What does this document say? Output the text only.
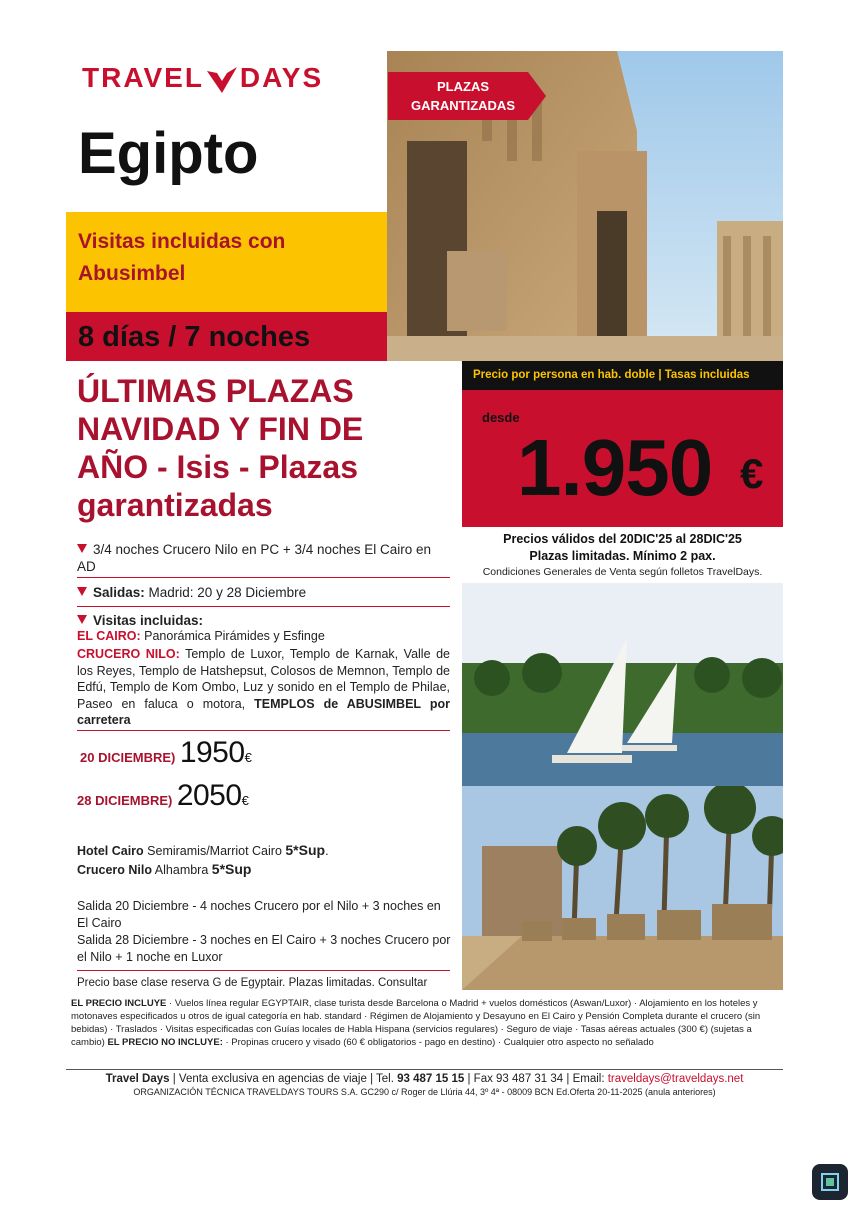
TRAVEL DAYS
Egipto
Visitas incluidas con
Abusimbel
8 días / 7 noches
ÚLTIMAS PLAZAS
NAVIDAD Y FIN DE
AÑO - Isis - Plazas
garantizadas
PLAZAS
GARANTIZADAS
Precio por persona en hab. doble | Tasas incluidas
desde
1.950 €
Precios válidos del 20DIC'25 al 28DIC'25
Plazas limitadas. Mínimo 2 pax.
Condiciones Generales de Venta según folletos TravelDays.
3/4 noches Crucero Nilo en PC + 3/4 noches El Cairo en AD
Salidas: Madrid: 20 y 28 Diciembre
Visitas incluidas:
EL CAIRO: Panorámica Pirámides y Esfinge
CRUCERO NILO: Templo de Luxor, Templo de Karnak, Valle de los Reyes, Templo de Hatshepsut, Colosos de Memnon, Templo de Edfú, Templo de Kom Ombo, Luz y sonido en el Templo de Philae, Paseo en faluca o motora, TEMPLOS de ABUSIMBEL por carretera
20 DICIEMBRE) 1950€
28 DICIEMBRE) 2050€
Hotel Cairo Semiramis/Marriot Cairo 5*Sup.
Crucero Nilo Alhambra 5*Sup
Salida 20 Diciembre - 4 noches Crucero por el Nilo + 3 noches en El Cairo
Salida 28 Diciembre - 3 noches en El Cairo + 3 noches Crucero por el Nilo + 1 noche en Luxor
Precio base clase reserva G de Egyptair. Plazas limitadas. Consultar
EL PRECIO INCLUYE · Vuelos línea regular EGYPTAIR, clase turista desde Barcelona o Madrid + vuelos domésticos (Aswan/Luxor) · Alojamiento en los hoteles y motonaves especificados u otros de igual categoría en hab. standard · Régimen de Alojamiento y Desayuno en El Cairo y Pensión Completa durante el crucero (sin bebidas) · Traslados · Visitas especificadas con Guías locales de Habla Hispana (servicios regulares) · Seguro de viaje · Tasas aéreas actuales (300 €) (sujetas a cambio) EL PRECIO NO INCLUYE: · Propinas crucero y visado (60 € obligatorios - pago en destino) · Cualquier otro aspecto no señalado
Travel Days | Venta exclusiva en agencias de viaje | Tel. 93 487 15 15 | Fax 93 487 31 34 | Email: traveldays@traveldays.net
ORGANIZACIÓN TÉCNICA TRAVELDAYS TOURS S.A. GC290 c/ Roger de Llúria 44, 3º 4ª - 08009 BCN Ed.Oferta 20-11-2025 (anula anteriores)
